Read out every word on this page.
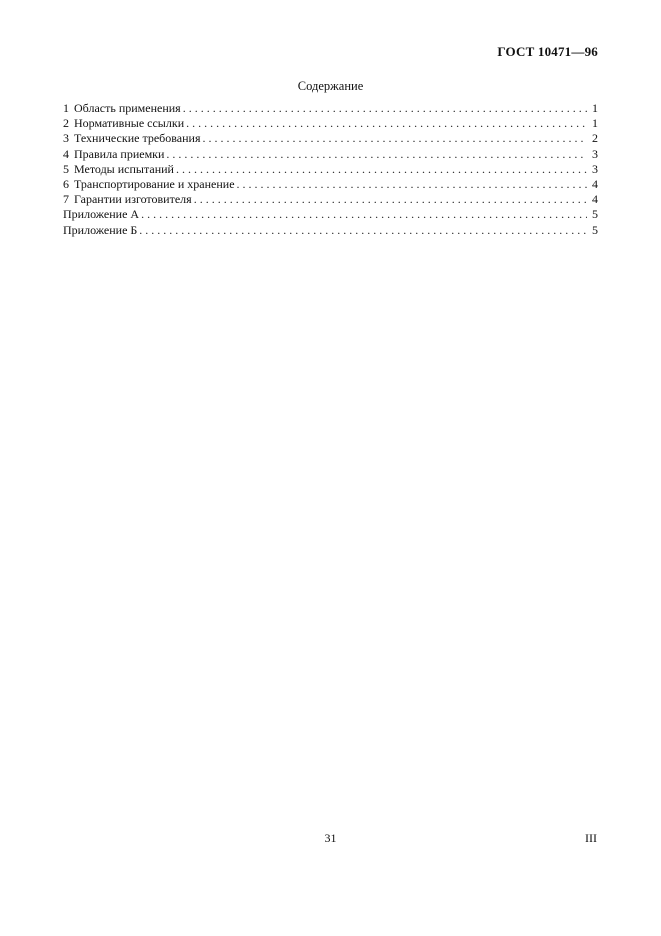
ГОСТ 10471—96
Содержание
1 Область применения . . .	1
2 Нормативные ссылки . . .	1
3 Технические требования . . .	2
4 Правила приемки . . .	3
5 Методы испытаний . . .	3
6 Транспортирование и хранение . . .	4
7 Гарантии изготовителя . . .	4
Приложение А . . .	5
Приложение Б . . .	5
31	III
